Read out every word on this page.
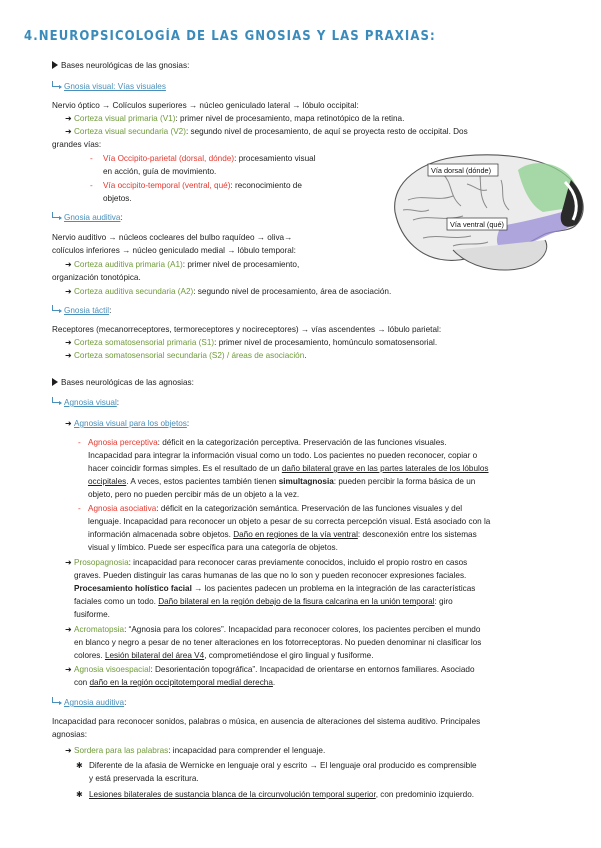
4.NEUROPSICOLOGÍA DE LAS GNOSIAS Y LAS PRAXIAS:
Bases neurológicas de las gnosias:
Gnosia visual: Vías visuales
Nervio óptico → Colículos superiores → núcleo geniculado lateral → lóbulo occipital:
➜ Corteza visual primaria (V1): primer nivel de procesamiento, mapa retinotópico de la retina.
➜ Corteza visual secundaria (V2): segundo nivel de procesamiento, de aquí se proyecta resto de occipital. Dos
grandes vías:
- Vía Occipito-parietal (dorsal, dónde): procesamiento visual
en acción, guía de movimiento.
- Vía occipito-temporal (ventral, qué): reconocimiento de
objetos.
Gnosia auditiva:
Nervio auditivo → núcleos cocleares del bulbo raquídeo → oliva→
colículos inferiores → núcleo geniculado medial → lóbulo temporal:
➜ Corteza auditiva primaria (A1): primer nivel de procesamiento,
organización tonotópica.
➜ Corteza auditiva secundaria (A2): segundo nivel de procesamiento, área de asociación.
Gnosia táctil:
Receptores (mecanorreceptores, termoreceptores y nocireceptores) → vías ascendentes → lóbulo parietal:
➜ Corteza somatosensorial primaria (S1): primer nivel de procesamiento, homúnculo somatosensorial.
➜ Corteza somatosensorial secundaria (S2) / áreas de asociación.
Vía dorsal (dónde)
Vía ventral (qué)
Bases neurológicas de las agnosias:
Agnosia visual:
➜ Agnosia visual para los objetos:
- Agnosia perceptiva: déficit en la categorización perceptiva. Preservación de las funciones visuales.
Incapacidad para integrar la información visual como un todo. Los pacientes no pueden reconocer, copiar o
hacer coincidir formas simples. Es el resultado de un daño bilateral grave en las partes laterales de los lóbulos
occipitales. A veces, estos pacientes también tienen simultagnosia: pueden percibir la forma básica de un
objeto, pero no pueden percibir más de un objeto a la vez.
- Agnosia asociativa: déficit en la categorización semántica. Preservación de las funciones visuales y del
lenguaje. Incapacidad para reconocer un objeto a pesar de su correcta percepción visual. Está asociado con la
información almacenada sobre objetos. Daño en regiones de la vía ventral: desconexión entre los sistemas
visual y límbico. Puede ser específica para una categoría de objetos.
➜ Prosopagnosia: incapacidad para reconocer caras previamente conocidos, incluido el propio rostro en casos
graves. Pueden distinguir las caras humanas de las que no lo son y pueden reconocer expresiones faciales.
Procesamiento holístico facial → los pacientes padecen un problema en la integración de las características
faciales como un todo. Daño bilateral en la región debajo de la fisura calcarina en la unión temporal: giro
fusiforme.
➜ Acromatopsia: “Agnosia para los colores”. Incapacidad para reconocer colores, los pacientes perciben el mundo
en blanco y negro a pesar de no tener alteraciones en los fotorreceptoras. No pueden denominar ni clasificar los
colores. Lesión bilateral del área V4, comprometiéndose el giro lingual y fusiforme.
➜ Agnosia visoespacial: Desorientación topográfica”. Incapacidad de orientarse en entornos familiares. Asociado
con daño en la región occipitotemporal medial derecha.
Agnosia auditiva:
Incapacidad para reconocer sonidos, palabras o música, en ausencia de alteraciones del sistema auditivo. Principales
agnosias:
➜ Sordera para las palabras: incapacidad para comprender el lenguaje.
✱ Diferente de la afasia de Wernicke en lenguaje oral y escrito → El lenguaje oral producido es comprensible
y está preservada la escritura.
✱ Lesiones bilaterales de sustancia blanca de la circunvolución temporal superior, con predominio izquierdo.
